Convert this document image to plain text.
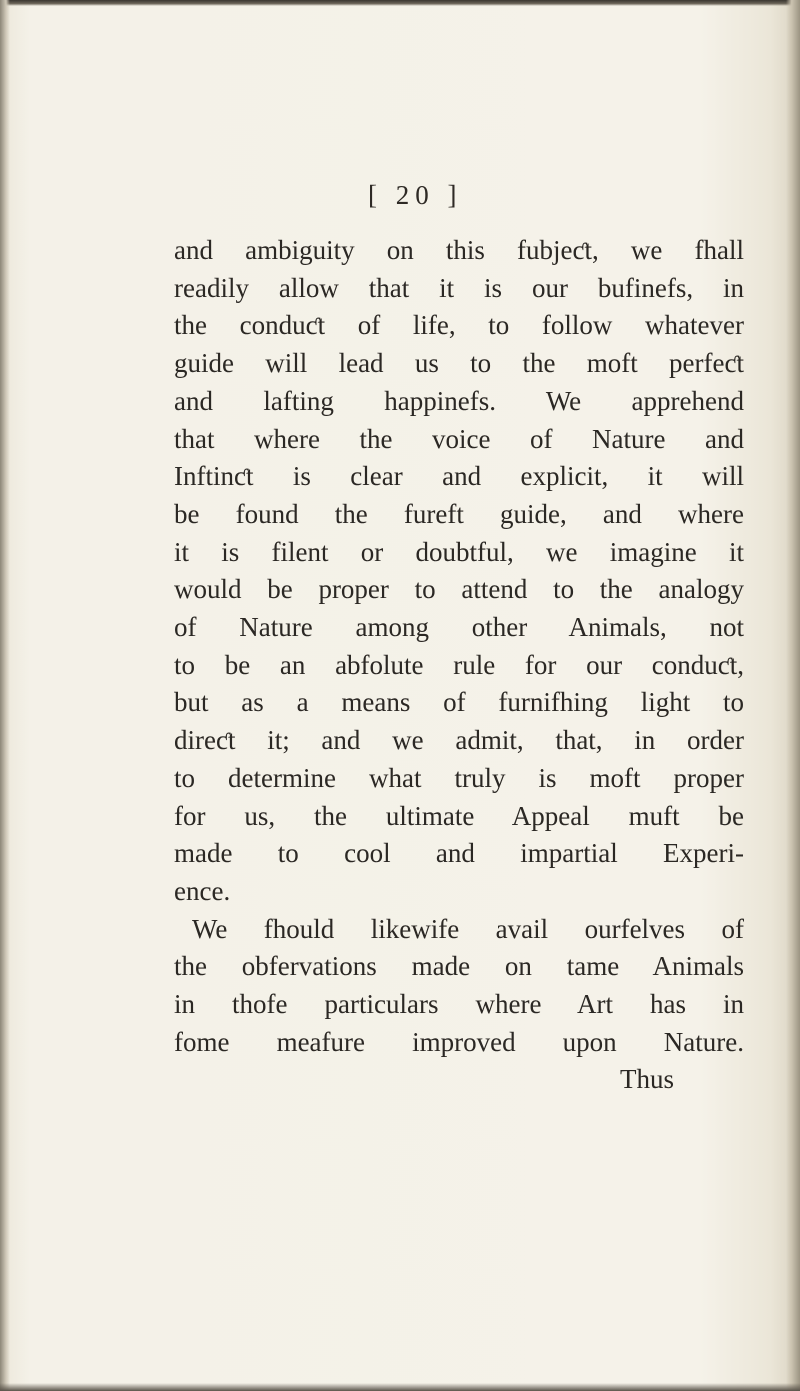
[ 20 ]
and ambiguity on this fubjeƈt, we fhall
readily allow that it is our bufinefs, in
the conduƈt of life, to follow whatever
guide will lead us to the moft perfeƈt
and lafting happinefs. We apprehend
that where the voice of Nature and
Inftinƈt is clear and explicit, it will
be found the fureft guide, and where
it is filent or doubtful, we imagine it
would be proper to attend to the analogy
of Nature among other Animals, not
to be an abfolute rule for our conduƈt,
but as a means of furnifhing light to
direƈt it; and we admit, that, in order
to determine what truly is moft proper
for us, the ultimate Appeal muft be
made to cool and impartial Experi-
ence.
We fhould likewife avail ourfelves of
the obfervations made on tame Animals
in thofe particulars where Art has in
fome meafure improved upon Nature.
Thus
